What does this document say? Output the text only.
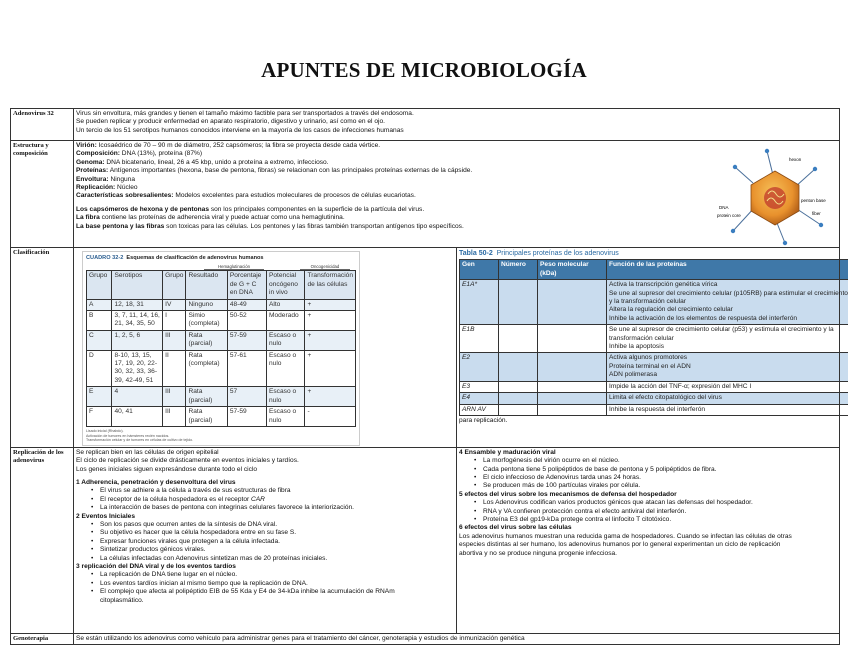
APUNTES DE MICROBIOLOGÍA
Adenovirus 32	Virus sin envoltura, más grandes y tienen el tamaño máximo factible para ser transportados a través del endosoma.
Se pueden replicar y producir enfermedad en aparato respiratorio, digestivo y urinario, así como en el ojo.
Un tercio de los 51 serotipos humanos conocidos interviene en la mayoría de los casos de infecciones humanas

Estructura y composición	
Virión: Icosaédrico de 70 – 90 m de diámetro, 252 capsómeros; la fibra se proyecta desde cada vértice.
Composición: DNA (13%), proteína (87%)
Genoma: DNA bicatenario, lineal, 26 a 45 kbp, unido a proteína a extremo, infeccioso.
Proteínas: Antígenos importantes (hexona, base de pentona, fibras) se relacionan con las principales proteínas externas de la cápside.
Envoltura: Ninguna
Replicación: Núcleo
Características sobresalientes: Modelos excelentes para estudios moleculares de procesos de células eucariotas.
Los capsómeros de hexona y de pentonas son los principales componentes en la superficie de la partícula del virus.
La fibra contiene las proteínas de adherencia viral y puede actuar como una hemaglutinina.
La base pentona y las fibras son toxicas para las células. Los pentones y las fibras también transportan antígenos tipo específicos.
penton base
fiber
DNA
protein core
hexon

Clasificación	
CUADRO 32-2 Esquemas de clasificación de adenovirus humanos
Hemaglutinación	Oncogenicidad
Grupo	Serotipos	Grupo	Resultado	Porcentaje de G + C en DNA	Potencial oncógeno in vivo	Transformación de las células
A	12, 18, 31	IV	Ninguno	48-49	Alto	+
B	3, 7, 11, 14, 16, 21, 34, 35, 50	I	Simio (completa)	50-52	Moderado	+
C	1, 2, 5, 6	III	Rata (parcial)	57-59	Escaso o nulo	+
D	8-10, 13, 15, 17, 19, 20, 22-30, 32, 33, 36-39, 42-49, 51	II	Rata (completa)	57-61	Escaso o nulo	+
E	4	III	Rata (parcial)	57	Escaso o nulo	+
F	40, 41	III	Rata (parcial)	57-59	Escaso o nulo	-
Lisado inicial (Rhabdo).
Activación de tumores en hámsteres recién nacidos.
Transformación celular y de tumores en células de cultivo de tejido.

Tabla 50-2 Principales proteínas de los adenovirus
Gen	Número	Peso molecular (kDa)	Función de las proteínas
E1A*			Activa la transcripción genética vírica
Se une al supresor del crecimiento celular (p105RB) para estimular el crecimiento y la transformación celular
Altera la regulación del crecimiento celular
Inhibe la activación de los elementos de respuesta del interferón

E1B			Se une al supresor de crecimiento celular (p53) y estimula el crecimiento y la transformación celular
Inhibe la apoptosis

E2			Activa algunos promotores
Proteína terminal en el ADN
ADN polimerasa

E3			Impide la acción del TNF-α; expresión del MHC I
E4			Limita el efecto citopatológico del virus
ARN AV			Inhibe la respuesta del interferón
para replicación.

Replicación de los adenovirus	
Se replican bien en las células de origen epitelial
El ciclo de replicación se divide drásticamente en eventos iniciales y tardíos.
Los genes iniciales siguen expresándose durante todo el ciclo
1 Adherencia, penetración y desenvoltura del virus
• El virus se adhiere a la célula a través de sus estructuras de fibra
• El receptor de la célula hospedadora es el receptor CAR
• La interacción de bases de pentona con integrinas celulares favorece la interiorización.
2 Eventos Iniciales
• Son los pasos que ocurren antes de la síntesis de DNA viral.
• Su objetivo es hacer que la célula hospedadora entre en su fase S.
• Expresar funciones virales que protegen a la célula infectada.
• Sintetizar productos génicos virales.
• La células infectadas con Adenovirus sintetizan mas de 20 proteínas iniciales.
3 replicación del DNA viral y de los eventos tardíos
• La replicación de DNA tiene lugar en el núcleo.
• Los eventos tardíos inician al mismo tiempo que la replicación de DNA.
• El complejo que afecta al polipéptido EIB de 55 Kda y E4 de 34-kDa inhibe la acumulación de RNAm
citoplasmático.

4 Ensamble y maduración viral
• La morfogénesis del virión ocurre en el núcleo.
• Cada pentona tiene 5 polipéptidos de base de pentona y 5 polipéptidos de fibra.
• El ciclo infeccioso de Adenovirus tarda unas 24 horas.
• Se producen más de 100 partículas virales por célula.
5 efectos del virus sobre los mecanismos de defensa del hospedador
• Los Adenovirus codifican varios productos génicos que atacan las defensas del hospedador.
• RNA y VA confieren protección contra el efecto antiviral del interferón.
• Proteína E3 del gp19-kDa protege contra el linfocito T citotóxico.
6 efectos del virus sobre las células
Los adenovirus humanos muestran una reducida gama de hospedadores. Cuando se infectan las células de otras
especies distintas al ser humano, los adenovirus humanos por lo general experimentan un ciclo de replicación
abortiva y no se produce ninguna progenie infecciosa.

Genoterapia	Se están utilizando los adenovirus como vehículo para administrar genes para el tratamiento del cáncer, genoterapia y estudios de inmunización genética
